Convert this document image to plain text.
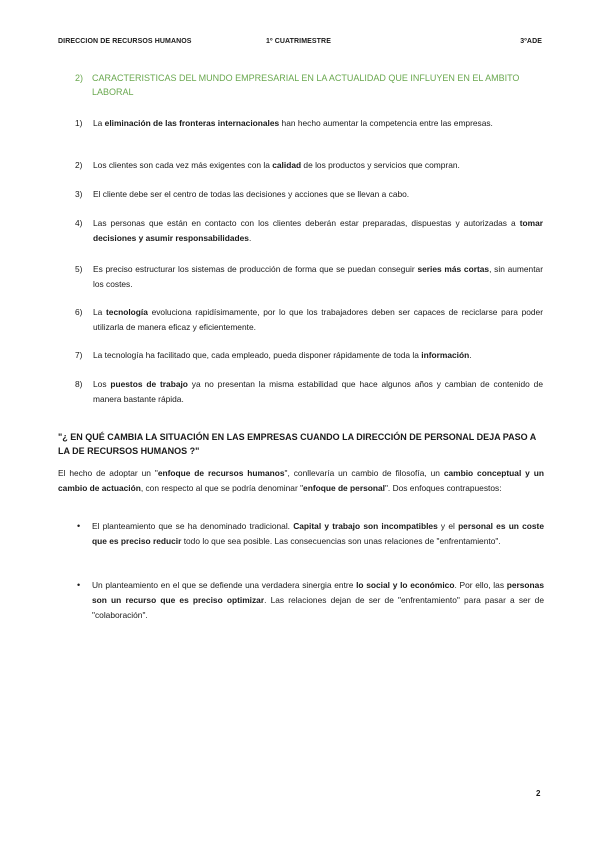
DIRECCION DE RECURSOS HUMANOS	1º CUATRIMESTRE	3ºADE
2) CARACTERISTICAS DEL MUNDO EMPRESARIAL EN LA ACTUALIDAD QUE INFLUYEN EN EL AMBITO LABORAL
1) La eliminación de las fronteras internacionales han hecho aumentar la competencia entre las empresas.
2) Los clientes son cada vez más exigentes con la calidad de los productos y servicios que compran.
3) El cliente debe ser el centro de todas las decisiones y acciones que se llevan a cabo.
4) Las personas que están en contacto con los clientes deberán estar preparadas, dispuestas y autorizadas a tomar decisiones y asumir responsabilidades.
5) Es preciso estructurar los sistemas de producción de forma que se puedan conseguir series más cortas, sin aumentar los costes.
6) La tecnología evoluciona rapidísimamente, por lo que los trabajadores deben ser capaces de reciclarse para poder utilizarla de manera eficaz y eficientemente.
7) La tecnología ha facilitado que, cada empleado, pueda disponer rápidamente de toda la información.
8) Los puestos de trabajo ya no presentan la misma estabilidad que hace algunos años y cambian de contenido de manera bastante rápida.
"¿ EN QUÉ CAMBIA LA SITUACIÓN EN LAS EMPRESAS CUANDO LA DIRECCIÓN DE PERSONAL DEJA PASO A LA DE RECURSOS HUMANOS ?"
El hecho de adoptar un "enfoque de recursos humanos", conllevaría un cambio de filosofía, un cambio conceptual y un cambio de actuación, con respecto al que se podría denominar "enfoque de personal". Dos enfoques contrapuestos:
• El planteamiento que se ha denominado tradicional. Capital y trabajo son incompatibles y el personal es un coste que es preciso reducir todo lo que sea posible. Las consecuencias son unas relaciones de "enfrentamiento".
• Un planteamiento en el que se defiende una verdadera sinergia entre lo social y lo económico. Por ello, las personas son un recurso que es preciso optimizar. Las relaciones dejan de ser de "enfrentamiento" para pasar a ser de "colaboración".
2
